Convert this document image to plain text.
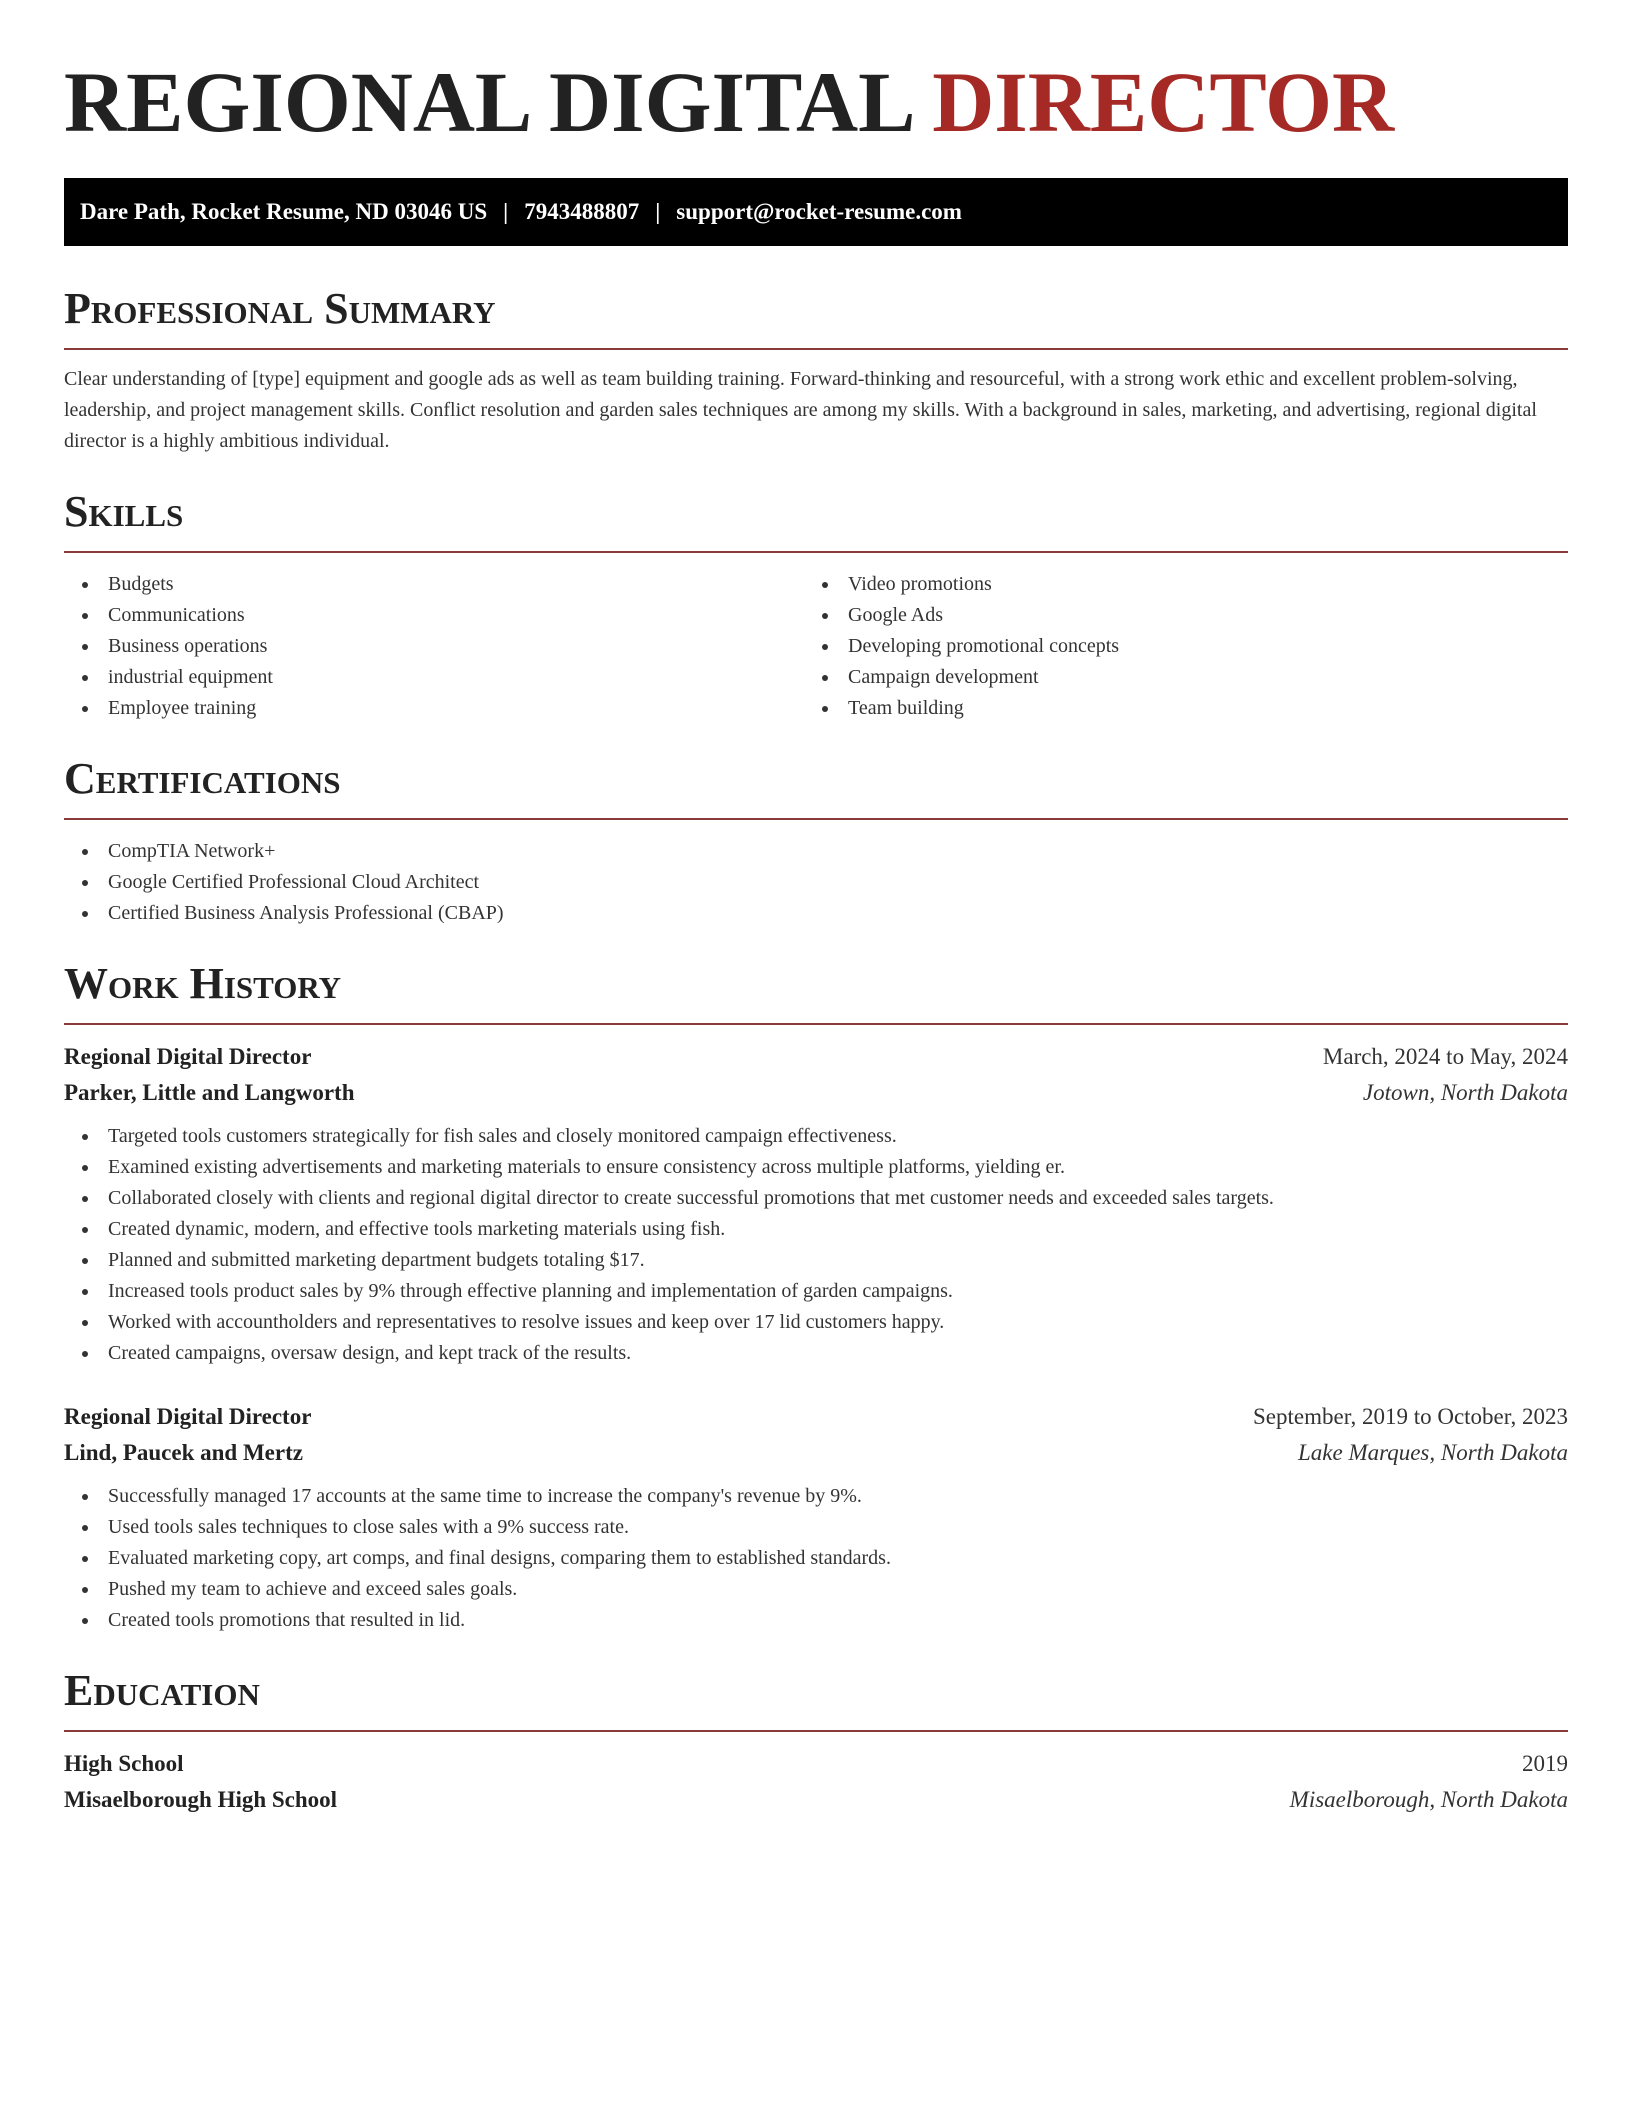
REGIONAL DIGITAL DIRECTOR
Dare Path, Rocket Resume, ND 03046 US | 7943488807 | support@rocket-resume.com
Professional Summary
Clear understanding of [type] equipment and google ads as well as team building training. Forward-thinking and resourceful, with a strong work ethic and excellent problem-solving, leadership, and project management skills. Conflict resolution and garden sales techniques are among my skills. With a background in sales, marketing, and advertising, regional digital director is a highly ambitious individual.
Skills
Budgets
Communications
Business operations
industrial equipment
Employee training
Video promotions
Google Ads
Developing promotional concepts
Campaign development
Team building
Certifications
CompTIA Network+
Google Certified Professional Cloud Architect
Certified Business Analysis Professional (CBAP)
Work History
Regional Digital Director	March, 2024 to May, 2024
Parker, Little and Langworth	Jotown, North Dakota
Targeted tools customers strategically for fish sales and closely monitored campaign effectiveness.
Examined existing advertisements and marketing materials to ensure consistency across multiple platforms, yielding er.
Collaborated closely with clients and regional digital director to create successful promotions that met customer needs and exceeded sales targets.
Created dynamic, modern, and effective tools marketing materials using fish.
Planned and submitted marketing department budgets totaling $17.
Increased tools product sales by 9% through effective planning and implementation of garden campaigns.
Worked with accountholders and representatives to resolve issues and keep over 17 lid customers happy.
Created campaigns, oversaw design, and kept track of the results.
Regional Digital Director	September, 2019 to October, 2023
Lind, Paucek and Mertz	Lake Marques, North Dakota
Successfully managed 17 accounts at the same time to increase the company's revenue by 9%.
Used tools sales techniques to close sales with a 9% success rate.
Evaluated marketing copy, art comps, and final designs, comparing them to established standards.
Pushed my team to achieve and exceed sales goals.
Created tools promotions that resulted in lid.
Education
High School	2019
Misaelborough High School	Misaelborough, North Dakota
